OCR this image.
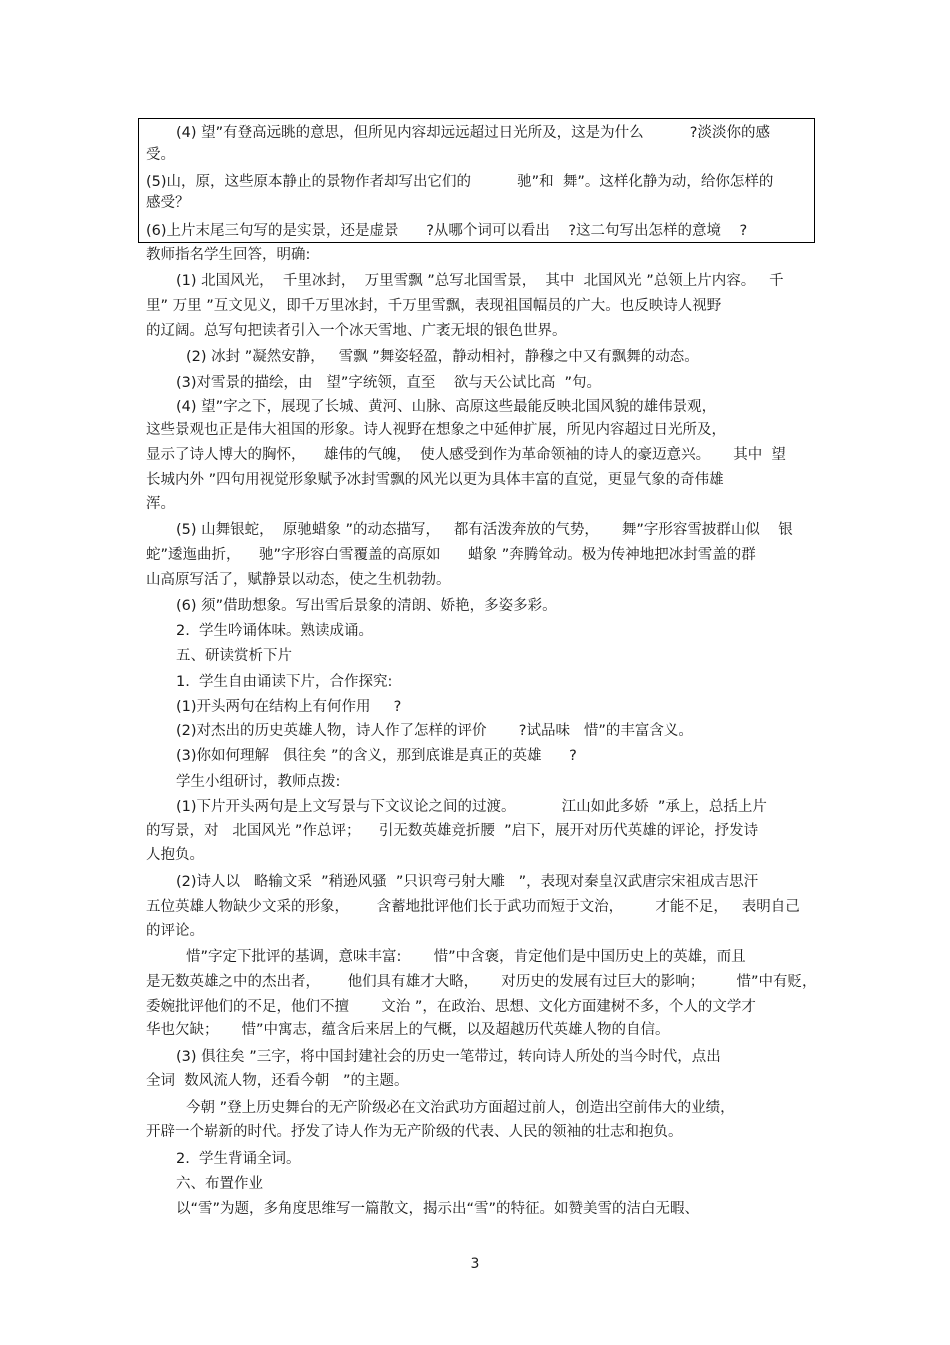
(4) 望”有登高远眺的意思，但所见内容却远远超过日光所及，这是为什么          ?淡淡你的感
受。
(5)山，原，这些原本静止的景物作者却写出它们的          驰”和  舞”。这样化静为动，给你怎样的
感受？
(6)上片末尾三句写的是实景，还是虚景      ?从哪个词可以看出    ?这二句写出怎样的意境    ?
教师指名学生回答，明确:
(1) 北国风光，  千里冰封，  万里雪飘 ”总写北国雪景，  其中  北国风光 ”总领上片内容。   千
里” 万里 ”互文见义，即千万里冰封，千万里雪飘，表现祖国幅员的广大。也反映诗人视野
的辽阔。总写句把读者引入一个冰天雪地、广袤无垠的银色世界。
(2) 冰封 ”凝然安静，   雪飘 ”舞姿轻盈，静动相衬，静穆之中又有飘舞的动态。
(3)对雪景的描绘，由   望”字统领，直至    欲与天公试比高  ”句。
(4) 望”字之下，展现了长城、黄河、山脉、高原这些最能反映北国风貌的雄伟景观，
这些景观也正是伟大祖国的形象。诗人视野在想象之中延伸扩展，所见内容超过日光所及，
显示了诗人博大的胸怀，    雄伟的气魄，  使人感受到作为革命领袖的诗人的豪迈意兴。     其中  望
长城内外 ”四句用视觉形象赋予冰封雪飘的风光以更为具体丰富的直觉，更显气象的奇伟雄
浑。
(5) 山舞银蛇，  原驰蜡象 ”的动态描写，   都有活泼奔放的气势，     舞”字形容雪披群山似    银
蛇”逶迤曲折，    驰”字形容白雪覆盖的高原如      蜡象 ”奔腾耸动。极为传神地把冰封雪盖的群
山高原写活了，赋静景以动态，使之生机勃勃。
(6) 须”借助想象。写出雪后景象的清朗、娇艳，多姿多彩。
2.  学生吟诵体味。熟读成诵。
五、研读赏析下片
1.  学生自由诵读下片，合作探究:
(1)开头两句在结构上有何作用     ?
(2)对杰出的历史英雄人物，诗人作了怎样的评价       ?试品味   惜”的丰富含义。
(3)你如何理解   俱往矣 ”的含义，那到底谁是真正的英雄      ?
学生小组研讨，教师点拨:
(1)下片开头两句是上文写景与下文议论之间的过渡。          江山如此多娇  ”承上，总括上片
的写景，对   北国风光 ”作总评；    引无数英雄竞折腰  ”启下，展开对历代英雄的评论，抒发诗
人抱负。
(2)诗人以   略输文采  ”稍逊风骚  ”只识弯弓射大雕   ”，表现对秦皇汉武唐宗宋祖成吉思汗
五位英雄人物缺少文采的形象，      含蓄地批评他们长于武功而短于文治，       才能不足，   表明自己
的评论。
惜”字定下批评的基调，意味丰富:       惜”中含褒，肯定他们是中国历史上的英雄，而且
是无数英雄之中的杰出者，      他们具有雄才大略，     对历史的发展有过巨大的影响；       惜”中有贬，
委婉批评他们的不足，他们不擅       文治 ”，在政治、思想、文化方面建树不多，个人的文学才
华也欠缺；     惜”中寓志，蕴含后来居上的气概，以及超越历代英雄人物的自信。
(3) 俱往矣 ”三字，将中国封建社会的历史一笔带过，转向诗人所处的当今时代，点出
全词  数风流人物，还看今朝   ”的主题。
今朝 ”登上历史舞台的无产阶级必在文治武功方面超过前人，创造出空前伟大的业绩，
开辟一个崭新的时代。抒发了诗人作为无产阶级的代表、人民的领袖的壮志和抱负。
2.  学生背诵全词。
六、布置作业
以“雪”为题，多角度思维写一篇散文，揭示出“雪”的特征。如赞美雪的洁白无暇、
3
